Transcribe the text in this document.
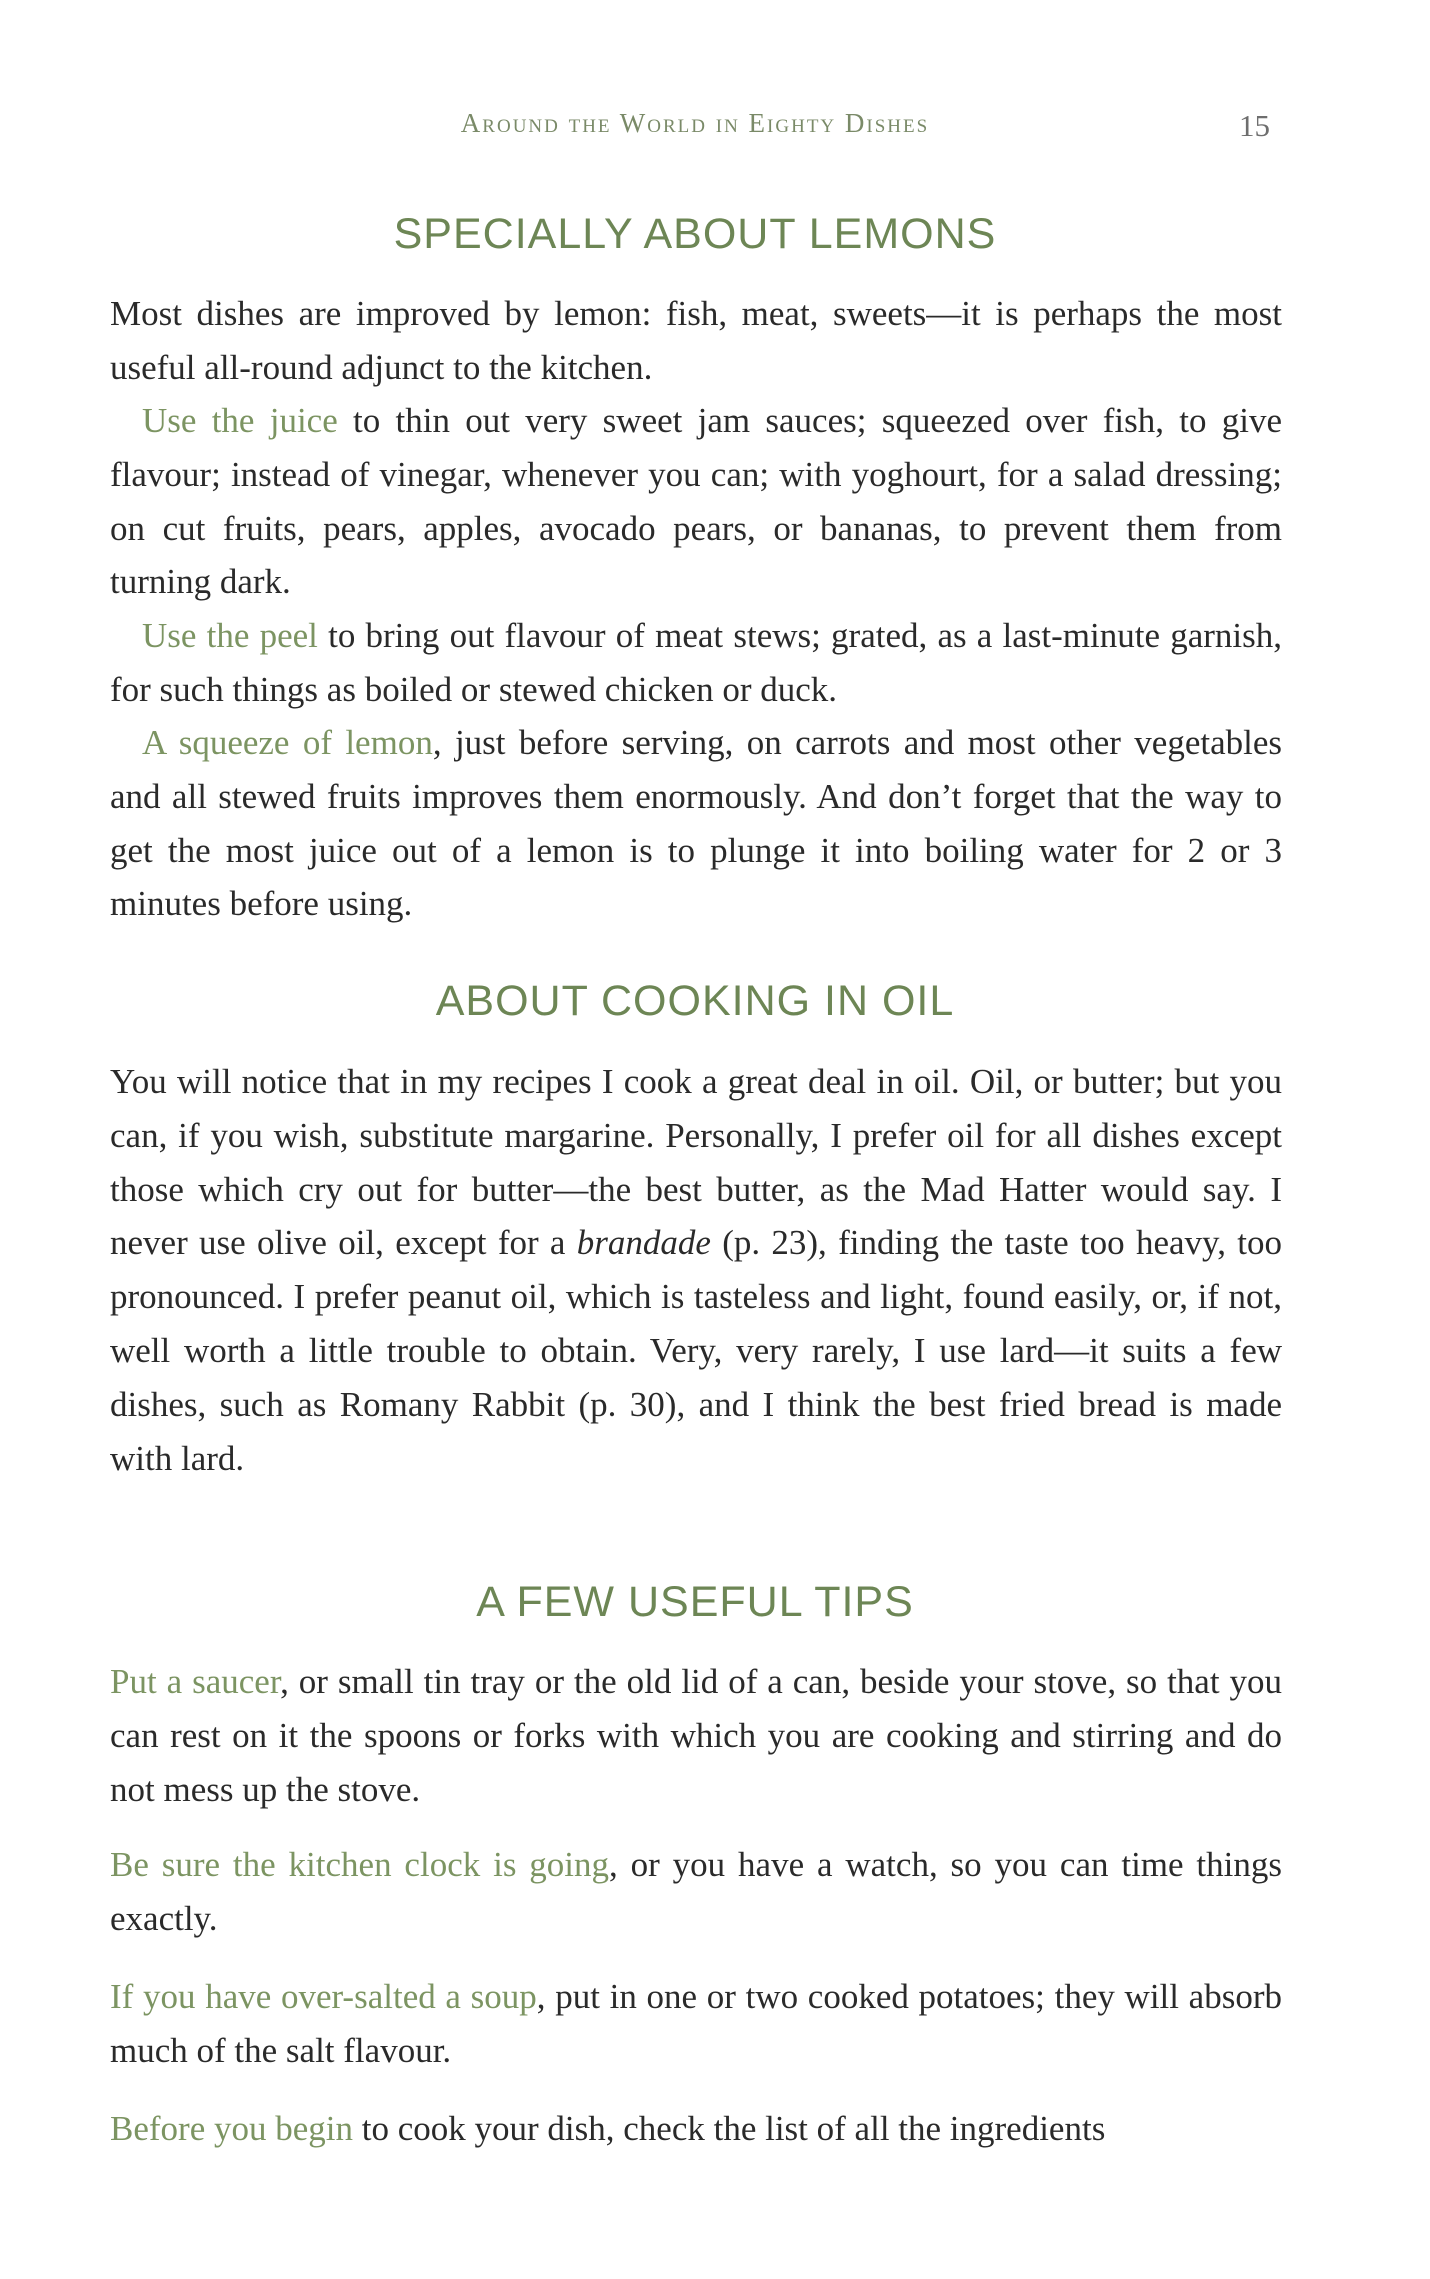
Around the World in Eighty Dishes	15
SPECIALLY ABOUT LEMONS

Most dishes are improved by lemon: fish, meat, sweets—it is perhaps the most useful all-round adjunct to the kitchen.

Use the juice to thin out very sweet jam sauces; squeezed over fish, to give flavour; instead of vinegar, whenever you can; with yoghourt, for a salad dressing; on cut fruits, pears, apples, avocado pears, or bananas, to prevent them from turning dark.

Use the peel to bring out flavour of meat stews; grated, as a last-minute garnish, for such things as boiled or stewed chicken or duck.

A squeeze of lemon, just before serving, on carrots and most other vegetables and all stewed fruits improves them enormously. And don’t forget that the way to get the most juice out of a lemon is to plunge it into boiling water for 2 or 3 minutes before using.

ABOUT COOKING IN OIL

You will notice that in my recipes I cook a great deal in oil. Oil, or butter; but you can, if you wish, substitute margarine. Personally, I prefer oil for all dishes except those which cry out for butter—the best butter, as the Mad Hatter would say. I never use olive oil, except for a brandade (p. 23), finding the taste too heavy, too pronounced. I prefer peanut oil, which is tasteless and light, found easily, or, if not, well worth a little trouble to obtain. Very, very rarely, I use lard—it suits a few dishes, such as Romany Rabbit (p. 30), and I think the best fried bread is made with lard.

A FEW USEFUL TIPS

Put a saucer, or small tin tray or the old lid of a can, beside your stove, so that you can rest on it the spoons or forks with which you are cooking and stirring and do not mess up the stove.

Be sure the kitchen clock is going, or you have a watch, so you can time things exactly.

If you have over-salted a soup, put in one or two cooked potatoes; they will absorb much of the salt flavour.

Before you begin to cook your dish, check the list of all the ingredients
